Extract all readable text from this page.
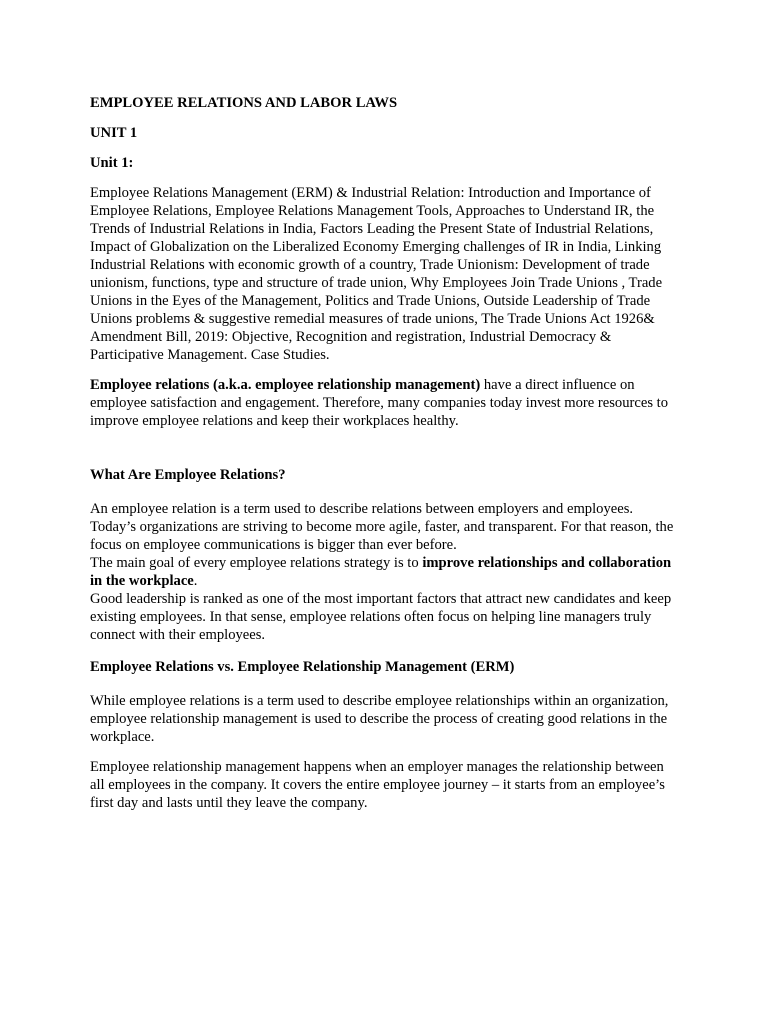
EMPLOYEE RELATIONS AND LABOR LAWS

UNIT 1

Unit 1:

Employee Relations Management (ERM) & Industrial Relation: Introduction and Importance of Employee Relations, Employee Relations Management Tools, Approaches to Understand IR, the Trends of Industrial Relations in India, Factors Leading the Present State of Industrial Relations, Impact of Globalization on the Liberalized Economy Emerging challenges of IR in India, Linking Industrial Relations with economic growth of a country, Trade Unionism: Development of trade unionism, functions, type and structure of trade union, Why Employees Join Trade Unions , Trade Unions in the Eyes of the Management, Politics and Trade Unions, Outside Leadership of Trade Unions problems & suggestive remedial measures of trade unions, The Trade Unions Act 1926& Amendment Bill, 2019: Objective, Recognition and registration, Industrial Democracy & Participative Management. Case Studies.

Employee relations (a.k.a. employee relationship management) have a direct influence on employee satisfaction and engagement. Therefore, many companies today invest more resources to improve employee relations and keep their workplaces healthy.

What Are Employee Relations?

An employee relation is a term used to describe relations between employers and employees. Today’s organizations are striving to become more agile, faster, and transparent. For that reason, the focus on employee communications is bigger than ever before.

The main goal of every employee relations strategy is to improve relationships and collaboration in the workplace.

Good leadership is ranked as one of the most important factors that attract new candidates and keep existing employees. In that sense, employee relations often focus on helping line managers truly connect with their employees.

Employee Relations vs. Employee Relationship Management (ERM)

While employee relations is a term used to describe employee relationships within an organization, employee relationship management is used to describe the process of creating good relations in the workplace.

Employee relationship management happens when an employer manages the relationship between all employees in the company. It covers the entire employee journey – it starts from an employee’s first day and lasts until they leave the company.
